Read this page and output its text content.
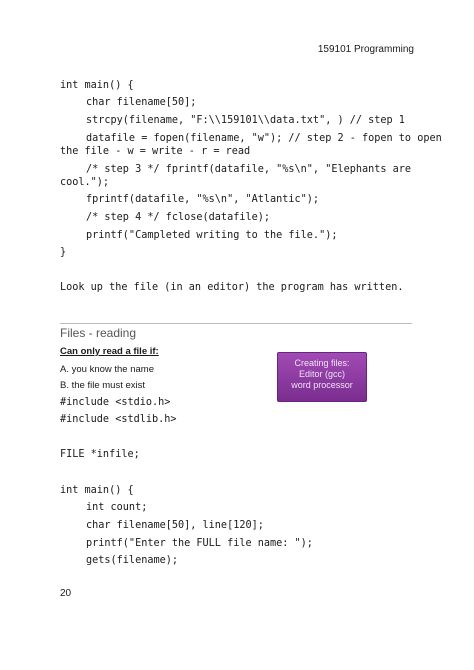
159101 Programming

int main() {

char filename[50];

strcpy(filename, "F:\\159101\\data.txt", ) // step 1

datafile = fopen(filename, "w"); // step 2 - fopen to open

the file - w = write - r = read

/* step 3 */ fprintf(datafile, "%s\n", "Elephants are

cool.");

fprintf(datafile, "%s\n", "Atlantic");

/* step 4 */ fclose(datafile);

printf("Campleted writing to the file.");

}

Look up the file (in an editor) the program has written.
Files - reading
Can only read a file if:
A. you know the name
B. the file must exist
Creating files:
Editor (gcc)
word processor

#include <stdio.h>

#include <stdlib.h>

FILE *infile;

int main() {

int count;

char filename[50], line[120];

printf("Enter the FULL file name: ");

gets(filename);

20
